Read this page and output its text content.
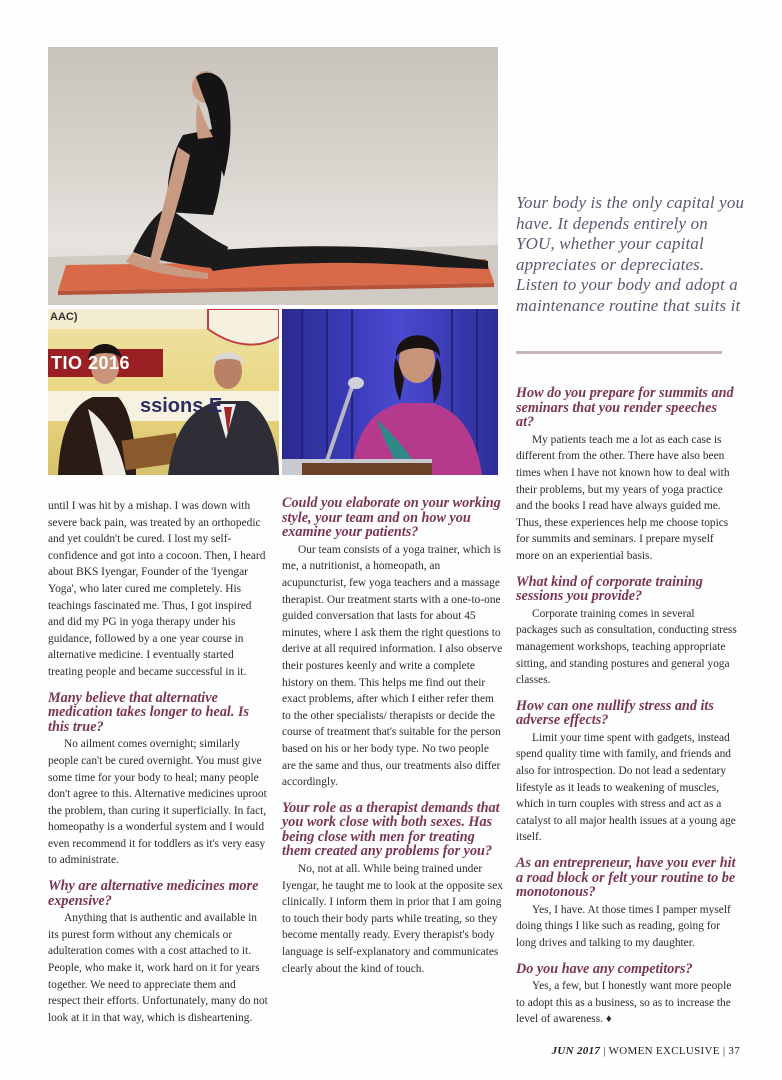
AAC)
TIO 2016
ssions E
Your body is the only capital you have. It depends entirely on YOU, whether your capital appreciates or depreciates. Listen to your body and adopt a maintenance routine that suits it

until I was hit by a mishap. I was down with severe back pain, was treated by an orthopedic and yet couldn't be cured. I lost my self-confidence and got into a cocoon. Then, I heard about BKS Iyengar, Founder of the 'Iyengar Yoga', who later cured me completely. His teachings fascinated me. Thus, I got inspired and did my PG in yoga therapy under his guidance, followed by a one year course in alternative medicine. I eventually started treating people and became successful in it.

Many believe that alternative medication takes longer to heal. Is this true?

No ailment comes overnight; similarly people can't be cured overnight. You must give some time for your body to heal; many people don't agree to this. Alternative medicines uproot the problem, than curing it superficially. In fact, homeopathy is a wonderful system and I would even recommend it for toddlers as it's very easy to administrate.

Why are alternative medicines more expensive?

Anything that is authentic and available in its purest form without any chemicals or adulteration comes with a cost attached to it. People, who make it, work hard on it for years together. We need to appreciate them and respect their efforts. Unfortunately, many do not look at it in that way, which is disheartening.

Could you elaborate on your working style, your team and on how you examine your patients?

Our team consists of a yoga trainer, which is me, a nutritionist, a homeopath, an acupuncturist, few yoga teachers and a massage therapist. Our treatment starts with a one-to-one guided conversation that lasts for about 45 minutes, where I ask them the right questions to derive at all required information. I also observe their postures keenly and write a complete history on them. This helps me find out their exact problems, after which I either refer them to the other specialists/ therapists or decide the course of treatment that's suitable for the person based on his or her body type. No two people are the same and thus, our treatments also differ accordingly.

Your role as a therapist demands that you work close with both sexes. Has being close with men for treating them created any problems for you?

No, not at all. While being trained under Iyengar, he taught me to look at the opposite sex clinically. I inform them in prior that I am going to touch their body parts while treating, so they become mentally ready. Every therapist's body language is self-explanatory and communicates clearly about the kind of touch.

How do you prepare for summits and seminars that you render speeches at?

My patients teach me a lot as each case is different from the other. There have also been times when I have not known how to deal with their problems, but my years of yoga practice and the books I read have always guided me. Thus, these experiences help me choose topics for summits and seminars. I prepare myself more on an experiential basis.

What kind of corporate training sessions you provide?

Corporate training comes in several packages such as consultation, conducting stress management workshops, teaching appropriate sitting, and standing postures and general yoga classes.

How can one nullify stress and its adverse effects?

Limit your time spent with gadgets, instead spend quality time with family, and friends and also for introspection. Do not lead a sedentary lifestyle as it leads to weakening of muscles, which in turn couples with stress and act as a catalyst to all major health issues at a young age itself.

As an entrepreneur, have you ever hit a road block or felt your routine to be monotonous?

Yes, I have. At those times I pamper myself doing things I like such as reading, going for long drives and talking to my daughter.

Do you have any competitors?

Yes, a few, but I honestly want more people to adopt this as a business, so as to increase the level of awareness. ♦

JUN 2017 | WOMEN EXCLUSIVE | 37
